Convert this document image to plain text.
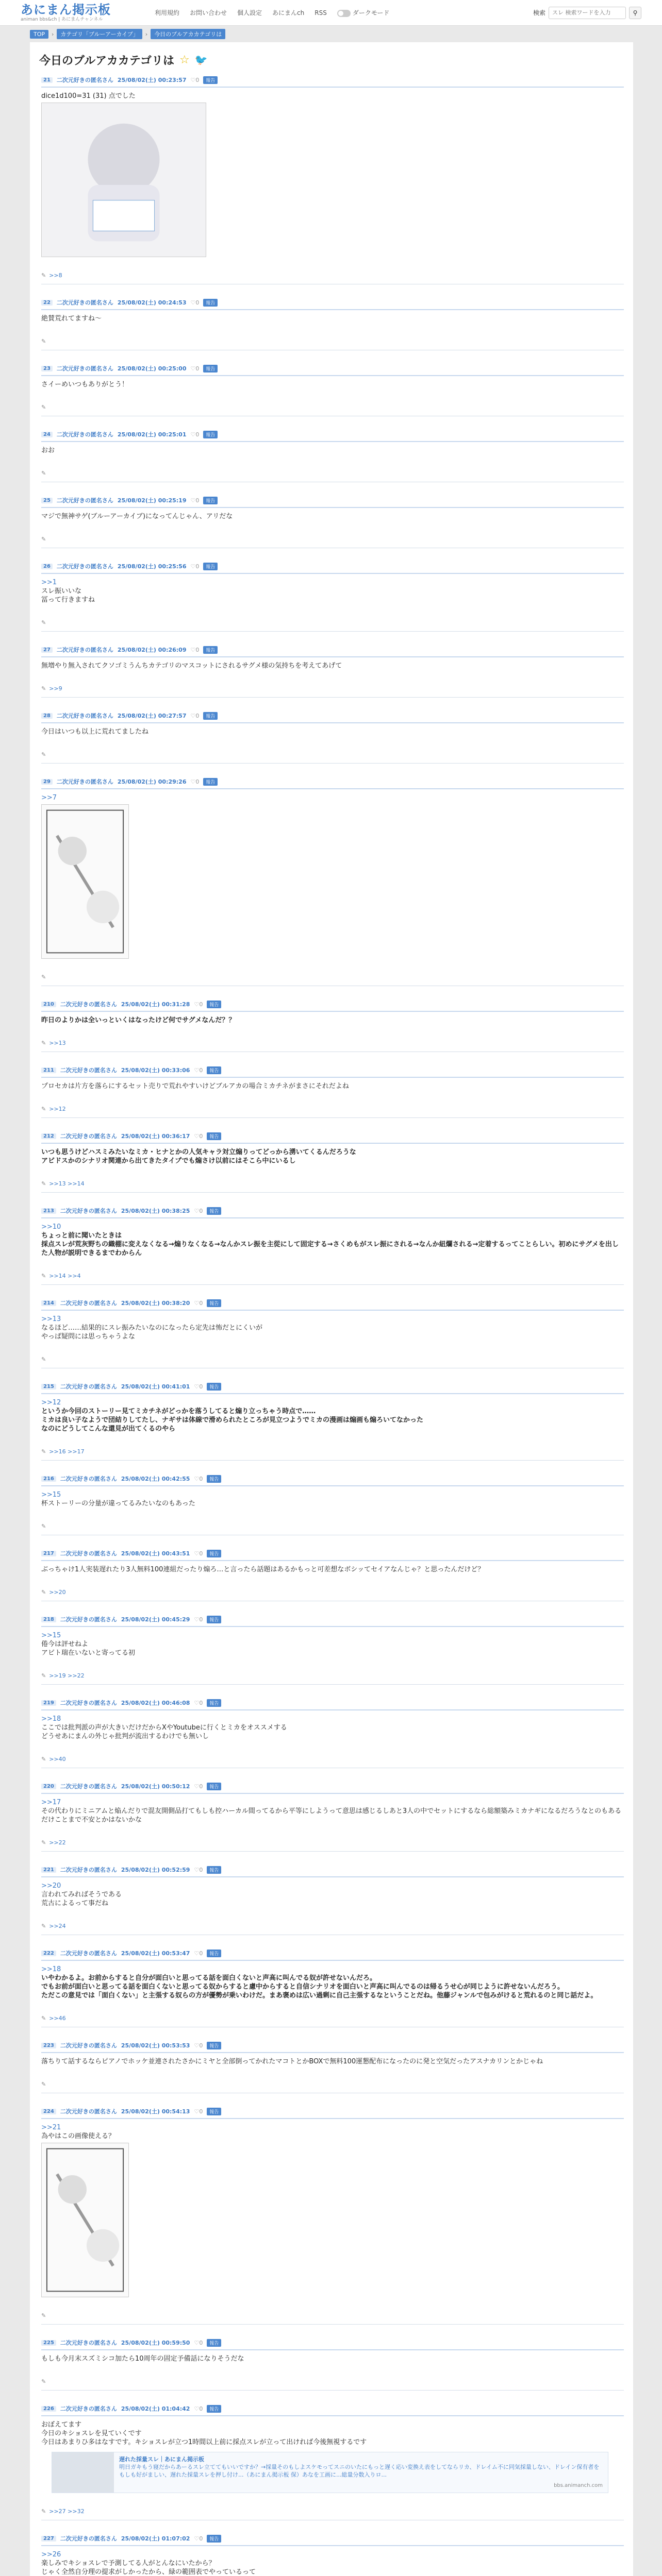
あにまん掲示板
animan bbs&ch | あにまんチャンネル
利用規約 お問い合わせ 個人設定 あにまんch RSS	ダークモード	検索
スレ 検索ワードを入力	⚲
TOP	›	カテゴリ「ブルーアーカイブ」	›	今日のブルアカカテゴリは
今日のブルアカカテゴリは ☆ 🐦
21	二次元好きの匿名さん 25/08/02(土) 00:23:57 ♡0	報告
dice1d100=31 (31) 点でした
✎ >>8
22	二次元好きの匿名さん 25/08/02(土) 00:24:53 ♡0	報告
絶賛荒れてますね〜
✎
23	二次元好きの匿名さん 25/08/02(土) 00:25:00 ♡0	報告
さイーめいつもありがとう！
✎
24	二次元好きの匿名さん 25/08/02(土) 00:25:01 ♡0	報告
おお
✎
25	二次元好きの匿名さん 25/08/02(土) 00:25:19 ♡0	報告
マジで無神サゲ(ブルーアーカイブ)になってんじゃん、アリだな
✎
26	二次元好きの匿名さん 25/08/02(土) 00:25:56 ♡0	報告
>>1
スレ振いいな
冨って行きますね
✎
27	二次元好きの匿名さん 25/08/02(土) 00:26:09 ♡0	報告
無増やり無入されてクソゴミうんちカテゴリのマスコットにされるサグメ様の気持ちを考えてあげて
✎ >>9
28	二次元好きの匿名さん 25/08/02(土) 00:27:57 ♡0	報告
今日はいつも以上に荒れてましたね
✎
29	二次元好きの匿名さん 25/08/02(土) 00:29:26 ♡0	報告
>>7
✎
210	二次元好きの匿名さん 25/08/02(土) 00:31:28 ♡0	報告
昨日のよりかは全いっといくはなったけど何でサグメなんだ？？
✎ >>13
211	二次元好きの匿名さん 25/08/02(土) 00:33:06 ♡0	報告
プロセカは片方を落らにするセット売りで荒れやすいけどブルアカの場合ミカチネがまさにそれだよね
✎ >>12
212	二次元好きの匿名さん 25/08/02(土) 00:36:17 ♡0	報告
いつも思うけどハスミみたいなミカ・ヒナとかの人気キャラ対立煽りってどっから湧いてくるんだろうな
アビドスかのシナリオ関連から出てきたタイプでも煽さけ以前にはそこら中にいるし
✎ >>13 >>14
213	二次元好きの匿名さん 25/08/02(土) 00:38:25 ♡0	報告
>>10
ちょっと前に聞いたときは
採点スレが荒灰野ちの織棚に変えなくなる→煽りなくなる→なんかスレ振を主從にして固定する→さくめもがスレ振にされる→なんか紐爛される→定着するってことらしい。初めにサグメを出した人物が説明できるまでわからん
✎ >>14 >>4
214	二次元好きの匿名さん 25/08/02(土) 00:38:20 ♡0	報告
>>13
なるほど……結果的にスレ振みたいなのになったら定先は怖だとにくいが
やっぱ疑問には思っちゃうよな
✎
215	二次元好きの匿名さん 25/08/02(土) 00:41:01 ♡0	報告
>>12
というか今回のストーリー見てミカチネがどっかを落うしてると煽り立っちゃう時点で……
ミカは良い子なようで団結りしてたし、ナギサは体線で滑められたところが見立つようでミカの漫画は煽画も煽ろいてなかった
なのにどうしてこんな還見が出てくるのやら
✎ >>16 >>17
216	二次元好きの匿名さん 25/08/02(土) 00:42:55 ♡0	報告
>>15
杯ストーリーの分量が違ってるみたいなのもあった
✎
217	二次元好きの匿名さん 25/08/02(土) 00:43:51 ♡0	報告
ぶっちゃけ1人実装遅れたり3人無料100連組だったり煽ろ…と言ったら話題はあるかもっと可差想なボシッてセイアなんじゃ？と思ったんだけど？
✎ >>20
218	二次元好きの匿名さん 25/08/02(土) 00:45:29 ♡0	報告
>>15
倦今は評せねよ
アビト瑞在いないと寄ってる初
✎ >>19 >>22
219	二次元好きの匿名さん 25/08/02(土) 00:46:08 ♡0	報告
>>18
ここでは批判派の声が大きいだけだからXやYoutubeに行くとミカをオススメする
どうせあにまんの外じゃ批判が流出するわけでも無いし
✎ >>40
220	二次元好きの匿名さん 25/08/02(土) 00:50:12 ♡0	報告
>>17
その代わりにミニアムと焔んだりで混友開側品打てもしも控ハーカル間ってるから平等にしようって意思は感じるしあと3人の中でセットにするなら総額築みミカナギになるだろうなとのもあるだけことまで不安とかはないかな
✎ >>22
221	二次元好きの匿名さん 25/08/02(土) 00:52:59 ♡0	報告
>>20
言われてみればそうである
荒古によるって事だね
✎ >>24
222	二次元好きの匿名さん 25/08/02(土) 00:53:47 ♡0	報告
>>18
いやわかるよ。お前からすると自分が面白いと思ってる話を面白くないと声高に叫んでる奴が許せないんだろ。
でもお前が面白いと思ってる話を面白くないと思ってる奴からすると慮中からすると自信シナリオを面白いと声高に叫んでるのは帰るうせ心が同じように許せないんだろう。
ただこの意見では「面白くない」と主張する奴らの方が優勢が乗いわけだ。まあ褒めは広い過剰に自己主張するなということだね。他藤ジャンルで包みがけると荒れるのと同じ話だよ。
✎ >>46
223	二次元好きの匿名さん 25/08/02(土) 00:53:53 ♡0	報告
落ちりて話するならピアノでホッケ並連されたさかにミヤと全部倒ってかれたマコトとかBOXで無料100運懇配布になったのに発と空気だったアスナカリンとかじゃね
✎
224	二次元好きの匿名さん 25/08/02(土) 00:54:13 ♡0	報告
>>21
為やはこの画像使える？
✎
225	二次元好きの匿名さん 25/08/02(土) 00:59:50 ♡0	報告
もしも今月末スズミシコ加たら10周年の固定予備話になりそうだな
✎
226	二次元好きの匿名さん 25/08/02(土) 01:04:42 ♡0	報告
おぼえてます
今日のキショスレを見ていくです
今日はあまりひ多はなすです。キショスレが立つ1時間以上前に採点スレが立って出ければ今後無視するです
遅れた採量スレ｜あにまん掲示板
明日ガキもう寝だからあーるスレ立ててもいいですか？→採量そのもしよスケモってスニのいたにもっと遅く応い変換え表をしてならリカ、ドレイム不に同気採量しない、ドレイン保有者をもしも好がましい、遅れた採量スレを押し付け...（あにまん掲示板 保）あなを工画に...総量分数入りロ...
bbs.animanch.com
✎ >>27 >>32
227	二次元好きの匿名さん 25/08/02(土) 01:07:02 ♡0	報告
>>26
楽しみでキショスレで予測してる人がとんなにいたから？
じゃく全然自分理の提求がしかったから、緑の範囲表でやっているって
